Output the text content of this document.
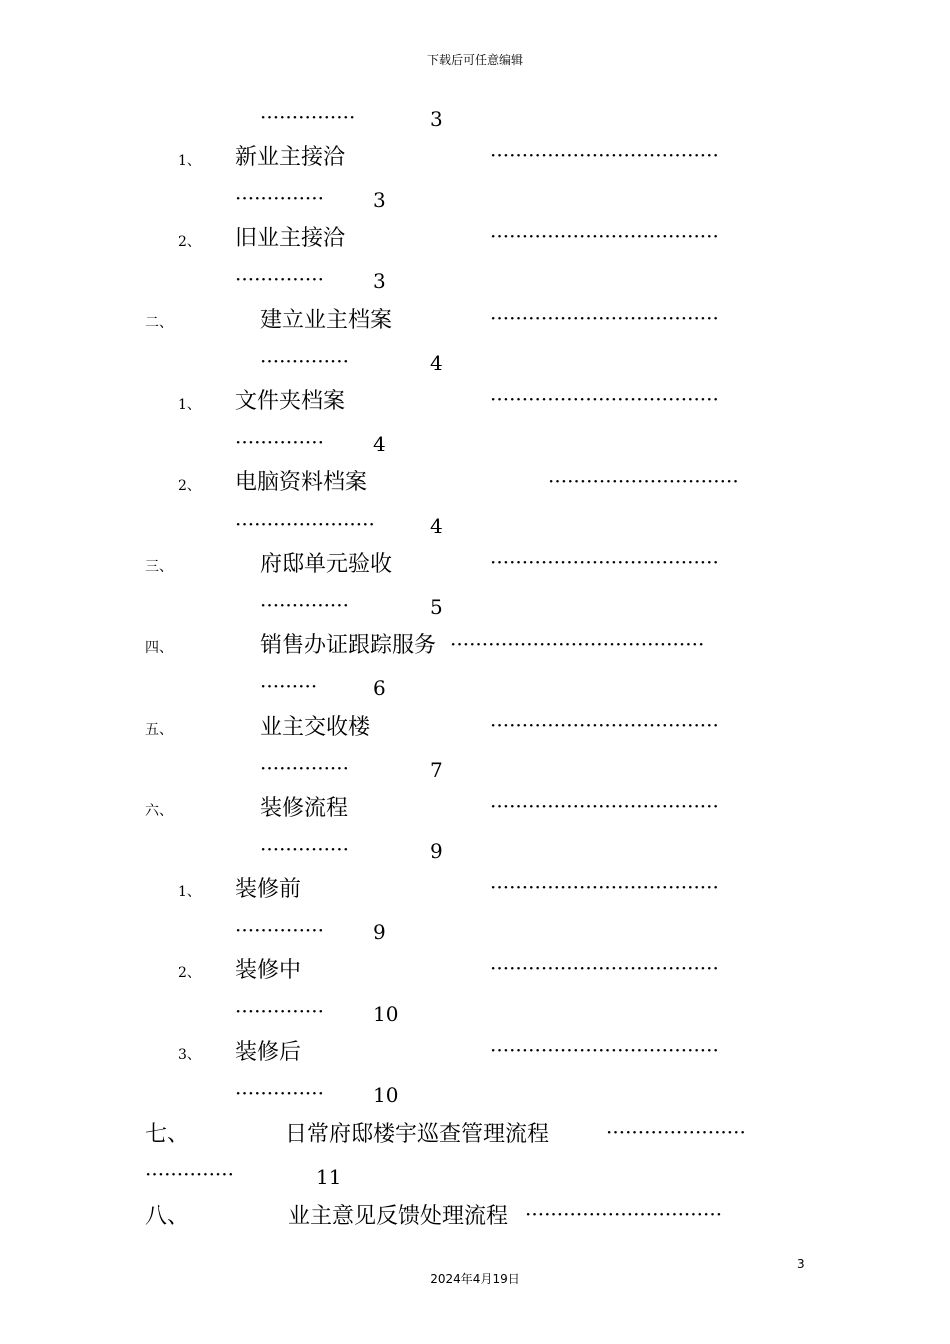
下载后可任意编辑
···············	3
1、 新业主接洽	····································
·············· 3
2、 旧业主接洽	····································
·············· 3
二、	建立业主档案	····································
··············	4
1、 文件夹档案	····································
·············· 4
2、 电脑资料档案	······························
······················	4
三、	府邸单元验收	····································
··············	5
四、	销售办证跟踪服务 ········································
·········	6
五、	业主交收楼	····································
··············	7
六、	装修流程	····································
··············	9
1、 装修前	····································
·············· 9
2、 装修中	····································
·············· 10
3、 装修后	····································
·············· 10
七、	日常府邸楼宇巡查管理流程	······················
··············	11
八、	业主意见反馈处理流程 ·······························
3
2024年4月19日
